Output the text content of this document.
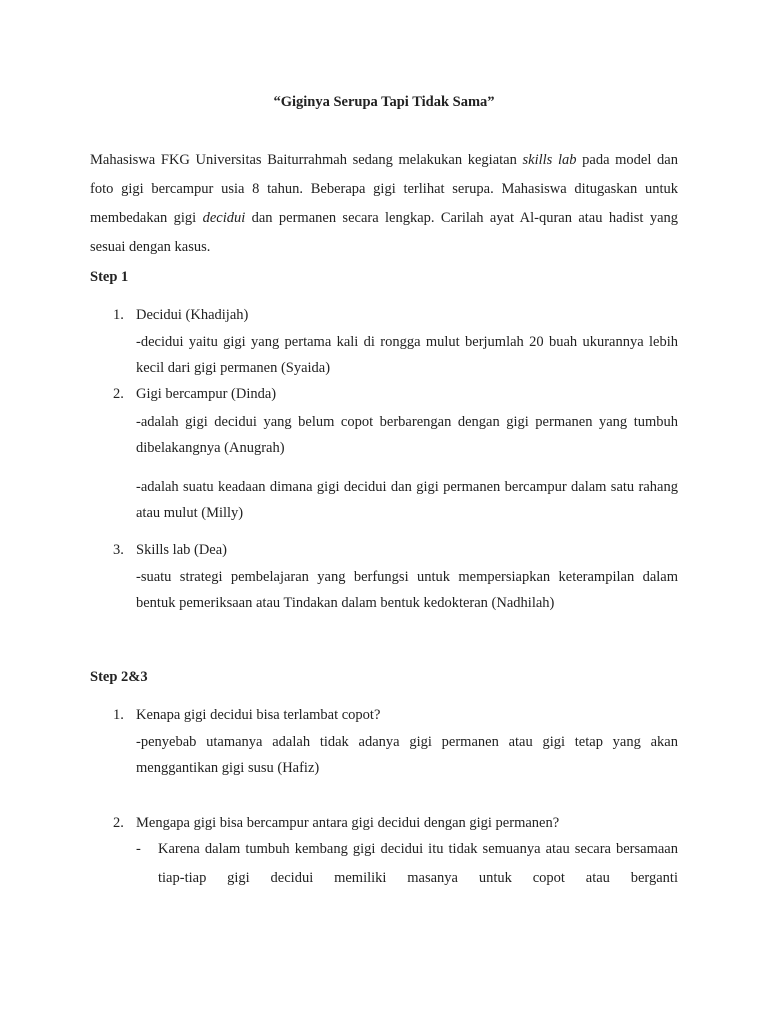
“Giginya Serupa Tapi Tidak Sama”
Mahasiswa FKG Universitas Baiturrahmah sedang melakukan kegiatan skills lab pada model dan foto gigi bercampur usia 8 tahun. Beberapa gigi terlihat serupa. Mahasiswa ditugaskan untuk membedakan gigi decidui dan permanen secara lengkap. Carilah ayat Al-quran atau hadist yang sesuai dengan kasus.
Step 1
1. Decidui (Khadijah)
-decidui yaitu gigi yang pertama kali di rongga mulut berjumlah 20 buah ukurannya lebih kecil dari gigi permanen (Syaida)
2. Gigi bercampur (Dinda)
-adalah gigi decidui yang belum copot berbarengan dengan gigi permanen yang tumbuh dibelakangnya (Anugrah)
-adalah suatu keadaan dimana gigi decidui dan gigi permanen bercampur dalam satu rahang atau mulut (Milly)
3. Skills lab (Dea)
-suatu strategi pembelajaran yang berfungsi untuk mempersiapkan keterampilan dalam bentuk pemeriksaan atau Tindakan dalam bentuk kedokteran (Nadhilah)
Step 2&3
1. Kenapa gigi decidui bisa terlambat copot?
-penyebab utamanya adalah tidak adanya gigi permanen atau gigi tetap yang akan menggantikan gigi susu (Hafiz)
2. Mengapa gigi bisa bercampur antara gigi decidui dengan gigi permanen?
- Karena dalam tumbuh kembang gigi decidui itu tidak semuanya atau secara bersamaan tiap-tiap gigi decidui memiliki masanya untuk copot atau berganti
